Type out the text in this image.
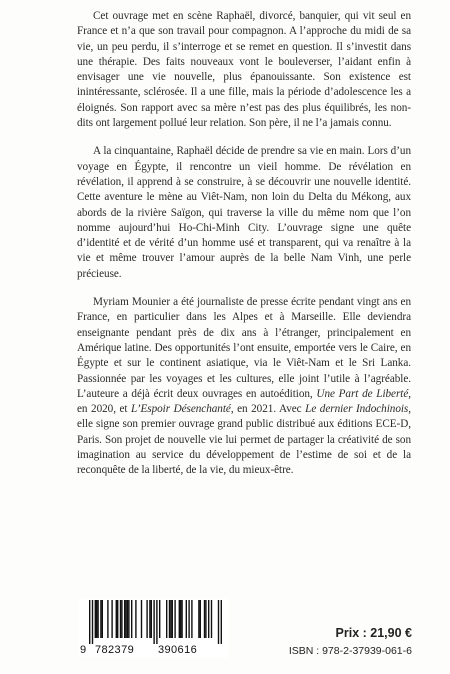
Cet ouvrage met en scène Raphaël, divorcé, banquier, qui vit seul en France et n’a que son travail pour compagnon. A l’approche du midi de sa vie, un peu perdu, il s’interroge et se remet en question. Il s’investit dans une thérapie. Des faits nouveaux vont le bouleverser, l’aidant enfin à envisager une vie nouvelle, plus épanouissante. Son existence est inintéressante, sclérosée. Il a une fille, mais la période d’adolescence les a éloignés. Son rapport avec sa mère n’est pas des plus équilibrés, les non-dits ont largement pollué leur relation. Son père, il ne l’a jamais connu.

A la cinquantaine, Raphaël décide de prendre sa vie en main. Lors d’un voyage en Égypte, il rencontre un vieil homme. De révélation en révélation, il apprend à se construire, à se découvrir une nouvelle identité. Cette aventure le mène au Viêt-Nam, non loin du Delta du Mékong, aux abords de la rivière Saïgon, qui traverse la ville du même nom que l’on nomme aujourd’hui Ho-Chi-Minh City. L’ouvrage signe une quête d’identité et de vérité d’un homme usé et transparent, qui va renaître à la vie et même trouver l’amour auprès de la belle Nam Vinh, une perle précieuse.

Myriam Mounier a été journaliste de presse écrite pendant vingt ans en France, en particulier dans les Alpes et à Marseille. Elle deviendra enseignante pendant près de dix ans à l’étranger, principalement en Amérique latine. Des opportunités l’ont ensuite, emportée vers le Caire, en Égypte et sur le continent asiatique, via le Viêt-Nam et le Sri Lanka. Passionnée par les voyages et les cultures, elle joint l’utile à l’agréable. L’auteure a déjà écrit deux ouvrages en autoédition, Une Part de Liberté, en 2020, et L’Espoir Désenchanté, en 2021. Avec Le dernier Indochinois, elle signe son premier ouvrage grand public distribué aux éditions ECE-D, Paris. Son projet de nouvelle vie lui permet de partager la créativité de son imagination au service du développement de l’estime de soi et de la reconquête de la liberté, de la vie, du mieux-être.

9 782379 390616
Prix : 21,90 €
ISBN : 978-2-37939-061-6
